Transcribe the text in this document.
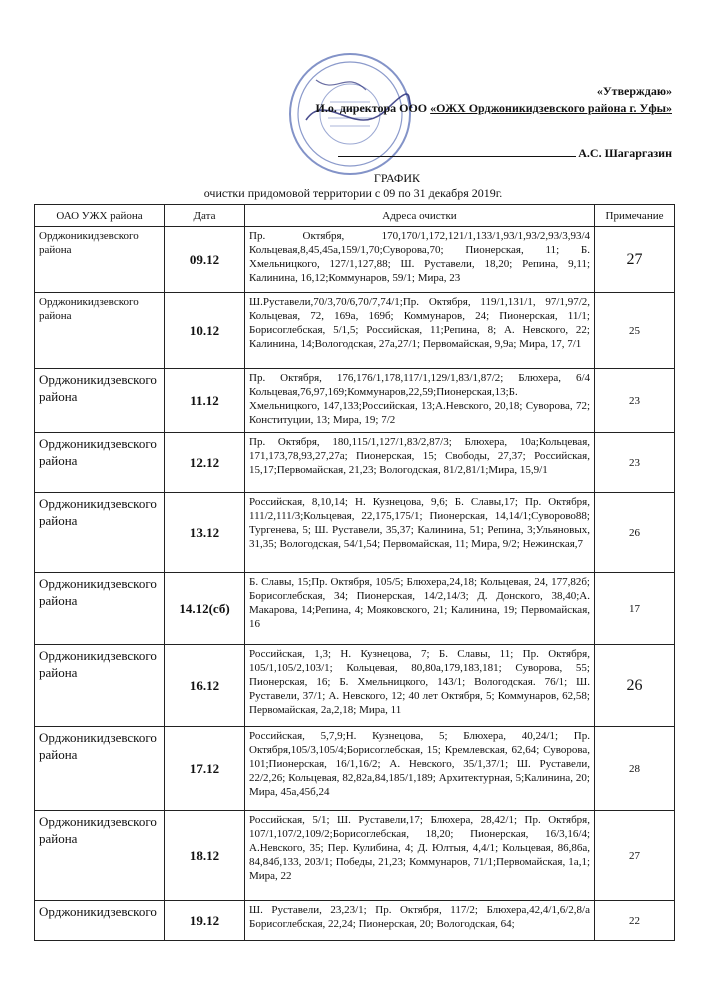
«Утверждаю»
И.о. директора ООО «ОЖХ Орджоникидзевского района г. Уфы»
А.С. Шагаргазин
ГРАФИК
очистки придомовой территории с 09 по 31 декабря 2019г.
ОАО УЖХ района	Дата	Адреса очистки	Примечание
Орджоникидзевского района	09.12	Пр. Октября, 170,170/1,172,121/1,133/1,93/1,93/2,93/3,93/4 Кольцевая,8,45,45а,159/1,70;Суворова,70; Пионерская, 11; Б. Хмельницкого, 127/1,127,88; Ш. Руставели, 18,20; Репина, 9,11; Калинина, 16,12;Коммунаров, 59/1; Мира, 23	27
Орджоникидзевского района	10.12	Ш.Руставели,70/3,70/6,70/7,74/1;Пр. Октября, 119/1,131/1, 97/1,97/2, Кольцевая, 72, 169а, 169б; Коммунаров, 24; Пионерская, 11/1; Борисоглебская, 5/1,5; Российская, 11;Репина, 8; А. Невского, 22; Калинина, 14;Вологодская, 27а,27/1; Первомайская, 9,9а; Мира, 17, 7/1	25
Орджоникидзевского района	11.12	Пр. Октября, 176,176/1,178,117/1,129/1,83/1,87/2; Блюхера, 6/4 Кольцевая,76,97,169;Коммунаров,22,59;Пионерская,13;Б. Хмельницкого, 147,133;Российская, 13;А.Невского, 20,18; Суворова, 72; Конституции, 13; Мира, 19; 7/2	23
Орджоникидзевского района	12.12	Пр. Октября, 180,115/1,127/1,83/2,87/3; Блюхера, 10а;Кольцевая, 171,173,78,93,27,27а; Пионерская, 15; Свободы, 27,37; Российская, 15,17;Первомайская, 21,23; Вологодская, 81/2,81/1;Мира, 15,9/1	23
Орджоникидзевского района	13.12	Российская, 8,10,14; Н. Кузнецова, 9,6; Б. Славы,17; Пр. Октября, 111/2,111/3;Кольцевая, 22,175,175/1; Пионерская, 14,14/1;Суворово88; Тургенева, 5; Ш. Руставели, 35,37; Калинина, 51; Репина, 3;Ульяновых, 31,35; Вологодская, 54/1,54; Первомайская, 11; Мира, 9/2; Нежинская,7	26
Орджоникидзевского района	14.12(сб)	Б. Славы, 15;Пр. Октября, 105/5; Блюхера,24,18; Кольцевая, 24, 177,82б; Борисоглебская, 34; Пионерская, 14/2,14/3; Д. Донского, 38,40;А. Макарова, 14;Репина, 4; Мояковского, 21; Калинина, 19; Первомайская, 16	17
Орджоникидзевского района	16.12	Российская, 1,3; Н. Кузнецова, 7; Б. Славы, 11; Пр. Октября, 105/1,105/2,103/1; Кольцевая, 80,80а,179,183,181; Суворова, 55; Пионерская, 16; Б. Хмельницкого, 143/1; Вологодская. 76/1; Ш. Руставели, 37/1; А. Невского, 12; 40 лет Октября, 5; Коммунаров, 62,58; Первомайская, 2а,2,18; Мира, 11	26
Орджоникидзевского района	17.12	Российская, 5,7,9;Н. Кузнецова, 5; Блюхера, 40,24/1; Пр. Октября,105/3,105/4;Борисоглебская, 15; Кремлевская, 62,64; Суворова, 101;Пионерская, 16/1,16/2; А. Невского, 35/1,37/1; Ш. Руставели, 22/2,26; Кольцевая, 82,82а,84,185/1,189; Архитектурная, 5;Калинина, 20; Мира, 45а,45б,24	28
Орджоникидзевского района	18.12	Российская, 5/1; Ш. Руставели,17; Блюхера, 28,42/1; Пр. Октября, 107/1,107/2,109/2;Борисоглебская, 18,20; Пионерская, 16/3,16/4; А.Невского, 35; Пер. Кулибина, 4; Д. Юлтыя, 4,4/1; Кольцевая, 86,86а, 84,84б,133, 203/1; Победы, 21,23; Коммунаров, 71/1;Первомайская, 1а,1; Мира, 22	27
Орджоникидзевского	19.12	Ш. Руставели, 23,23/1; Пр. Октября, 117/2; Блюхера,42,4/1,6/2,8/а Борисоглебская, 22,24; Пионерская, 20; Вологодская, 64;	22
